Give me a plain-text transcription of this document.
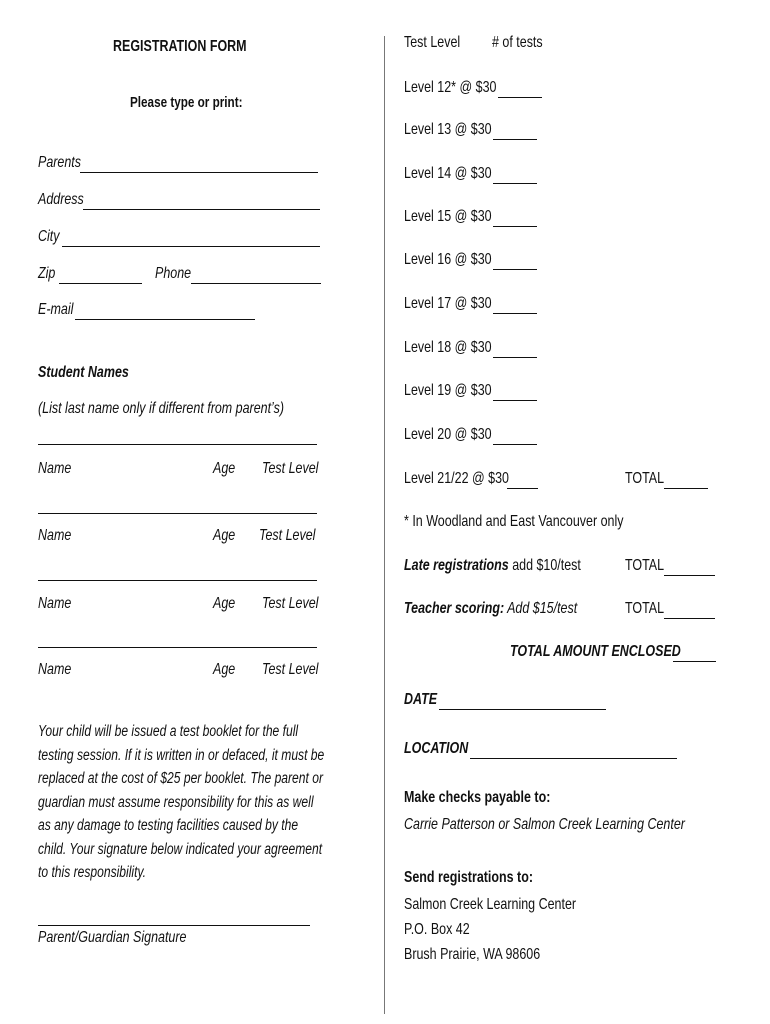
REGISTRATION FORM
Please type or print:
Parents
Address
City
Zip	Phone
E-mail
Student Names
(List last name only if different from parent’s)
Name	Age	Test Level
Name	Age	Test Level
Name	Age	Test Level
Name	Age	Test Level
Your child will be issued a test booklet for the full testing session. If it is written in or defaced, it must be replaced at the cost of $25 per booklet. The parent or guardian must assume responsibility for this as well as any damage to testing facilities caused by the child. Your signature below indicated your agreement to this responsibility.
Parent/Guardian Signature
Test Level	# of tests
Level 12* @ $30
Level 13 @ $30
Level 14 @ $30
Level 15 @ $30
Level 16 @ $30
Level 17 @ $30
Level 18 @ $30
Level 19 @ $30
Level 20 @ $30
Level 21/22 @ $30	TOTAL
* In Woodland and East Vancouver only
Late registrations add $10/test	TOTAL
Teacher scoring: Add $15/test	TOTAL
TOTAL AMOUNT ENCLOSED
DATE
LOCATION
Make checks payable to:
Carrie Patterson or Salmon Creek Learning Center
Send registrations to:
Salmon Creek Learning Center
P.O. Box 42
Brush Prairie, WA 98606
